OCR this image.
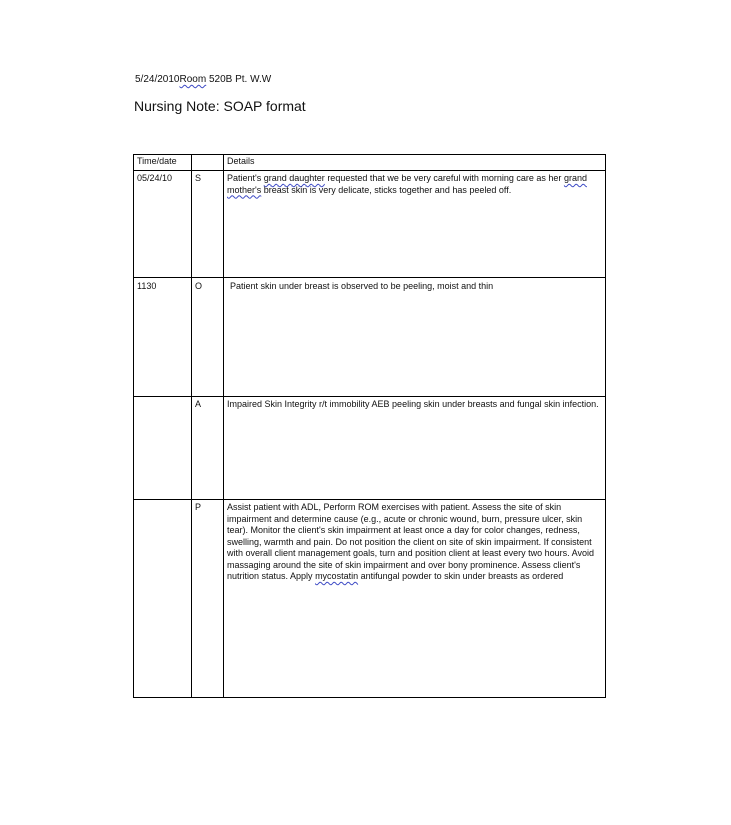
5/24/2010Room 520B Pt. W.W
Nursing Note: SOAP format
Time/date		Details
05/24/10	S	Patient's grand daughter requested that we be very careful with morning care as her grand mother's breast skin is very delicate, sticks together and has peeled off.
1130	O	Patient skin under breast is observed to be peeling, moist and thin
	A	Impaired Skin Integrity r/t immobility AEB peeling skin under breasts and fungal skin infection.
	P	Assist patient with ADL, Perform ROM exercises with patient. Assess the site of skin impairment and determine cause (e.g., acute or chronic wound, burn, pressure ulcer, skin tear). Monitor the client's skin impairment at least once a day for color changes, redness, swelling, warmth and pain. Do not position the client on site of skin impairment. If consistent with overall client management goals, turn and position client at least every two hours. Avoid massaging around the site of skin impairment and over bony prominence. Assess client's nutrition status. Apply mycostatin antifungal powder to skin under breasts as ordered
